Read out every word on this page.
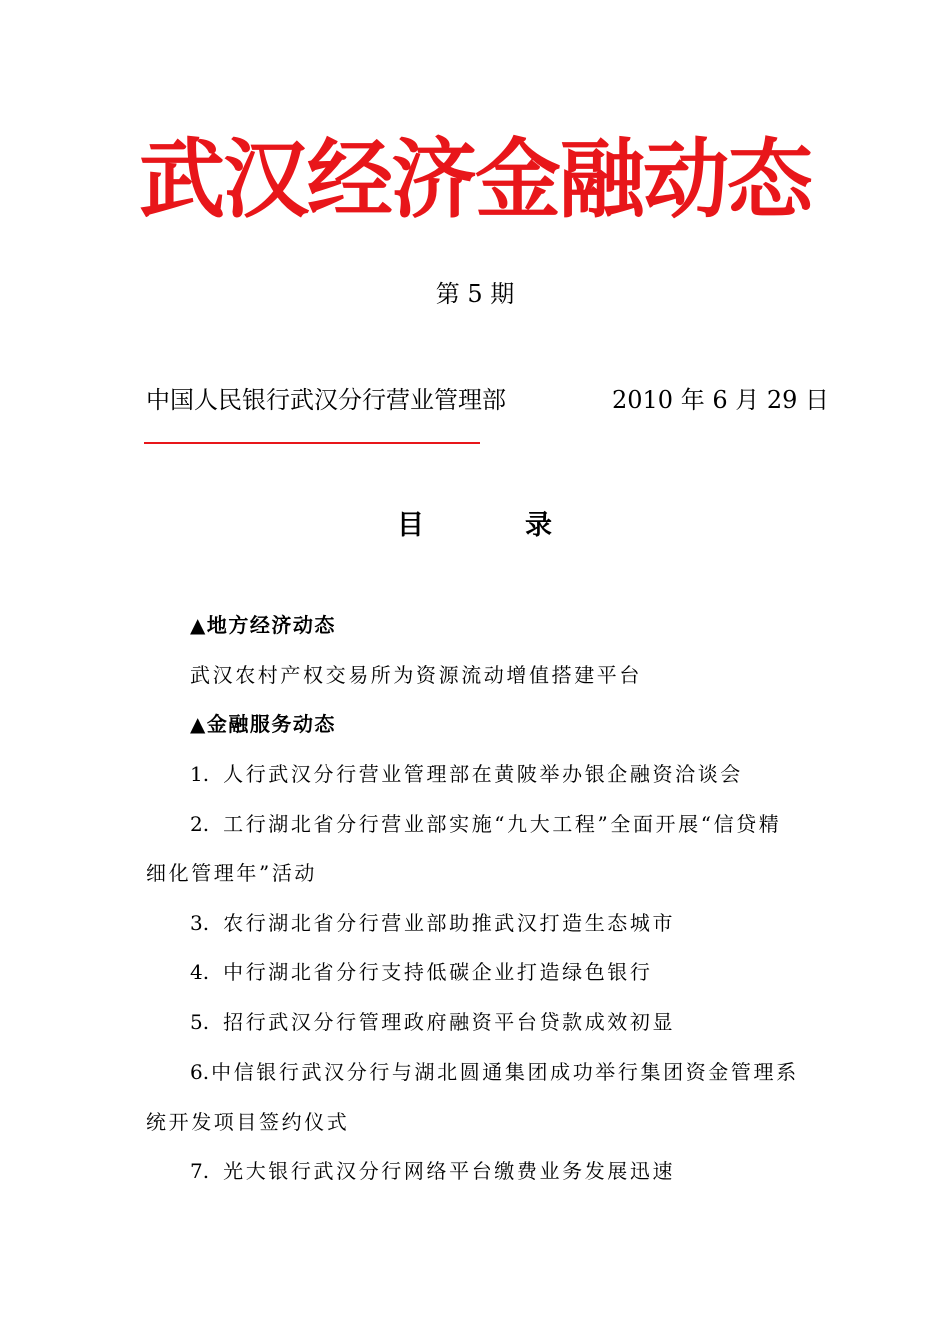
武汉经济金融动态
第 5 期
中国人民银行武汉分行营业管理部	2010 年 6 月 29 日
目	录
▲地方经济动态
武汉农村产权交易所为资源流动增值搭建平台
▲金融服务动态
1. 人行武汉分行营业管理部在黄陂举办银企融资洽谈会
2. 工行湖北省分行营业部实施“九大工程”全面开展“信贷精
细化管理年”活动
3. 农行湖北省分行营业部助推武汉打造生态城市
4. 中行湖北省分行支持低碳企业打造绿色银行
5. 招行武汉分行管理政府融资平台贷款成效初显
6. 中信银行武汉分行与湖北圆通集团成功举行集团资金管理系
统开发项目签约仪式
7. 光大银行武汉分行网络平台缴费业务发展迅速
